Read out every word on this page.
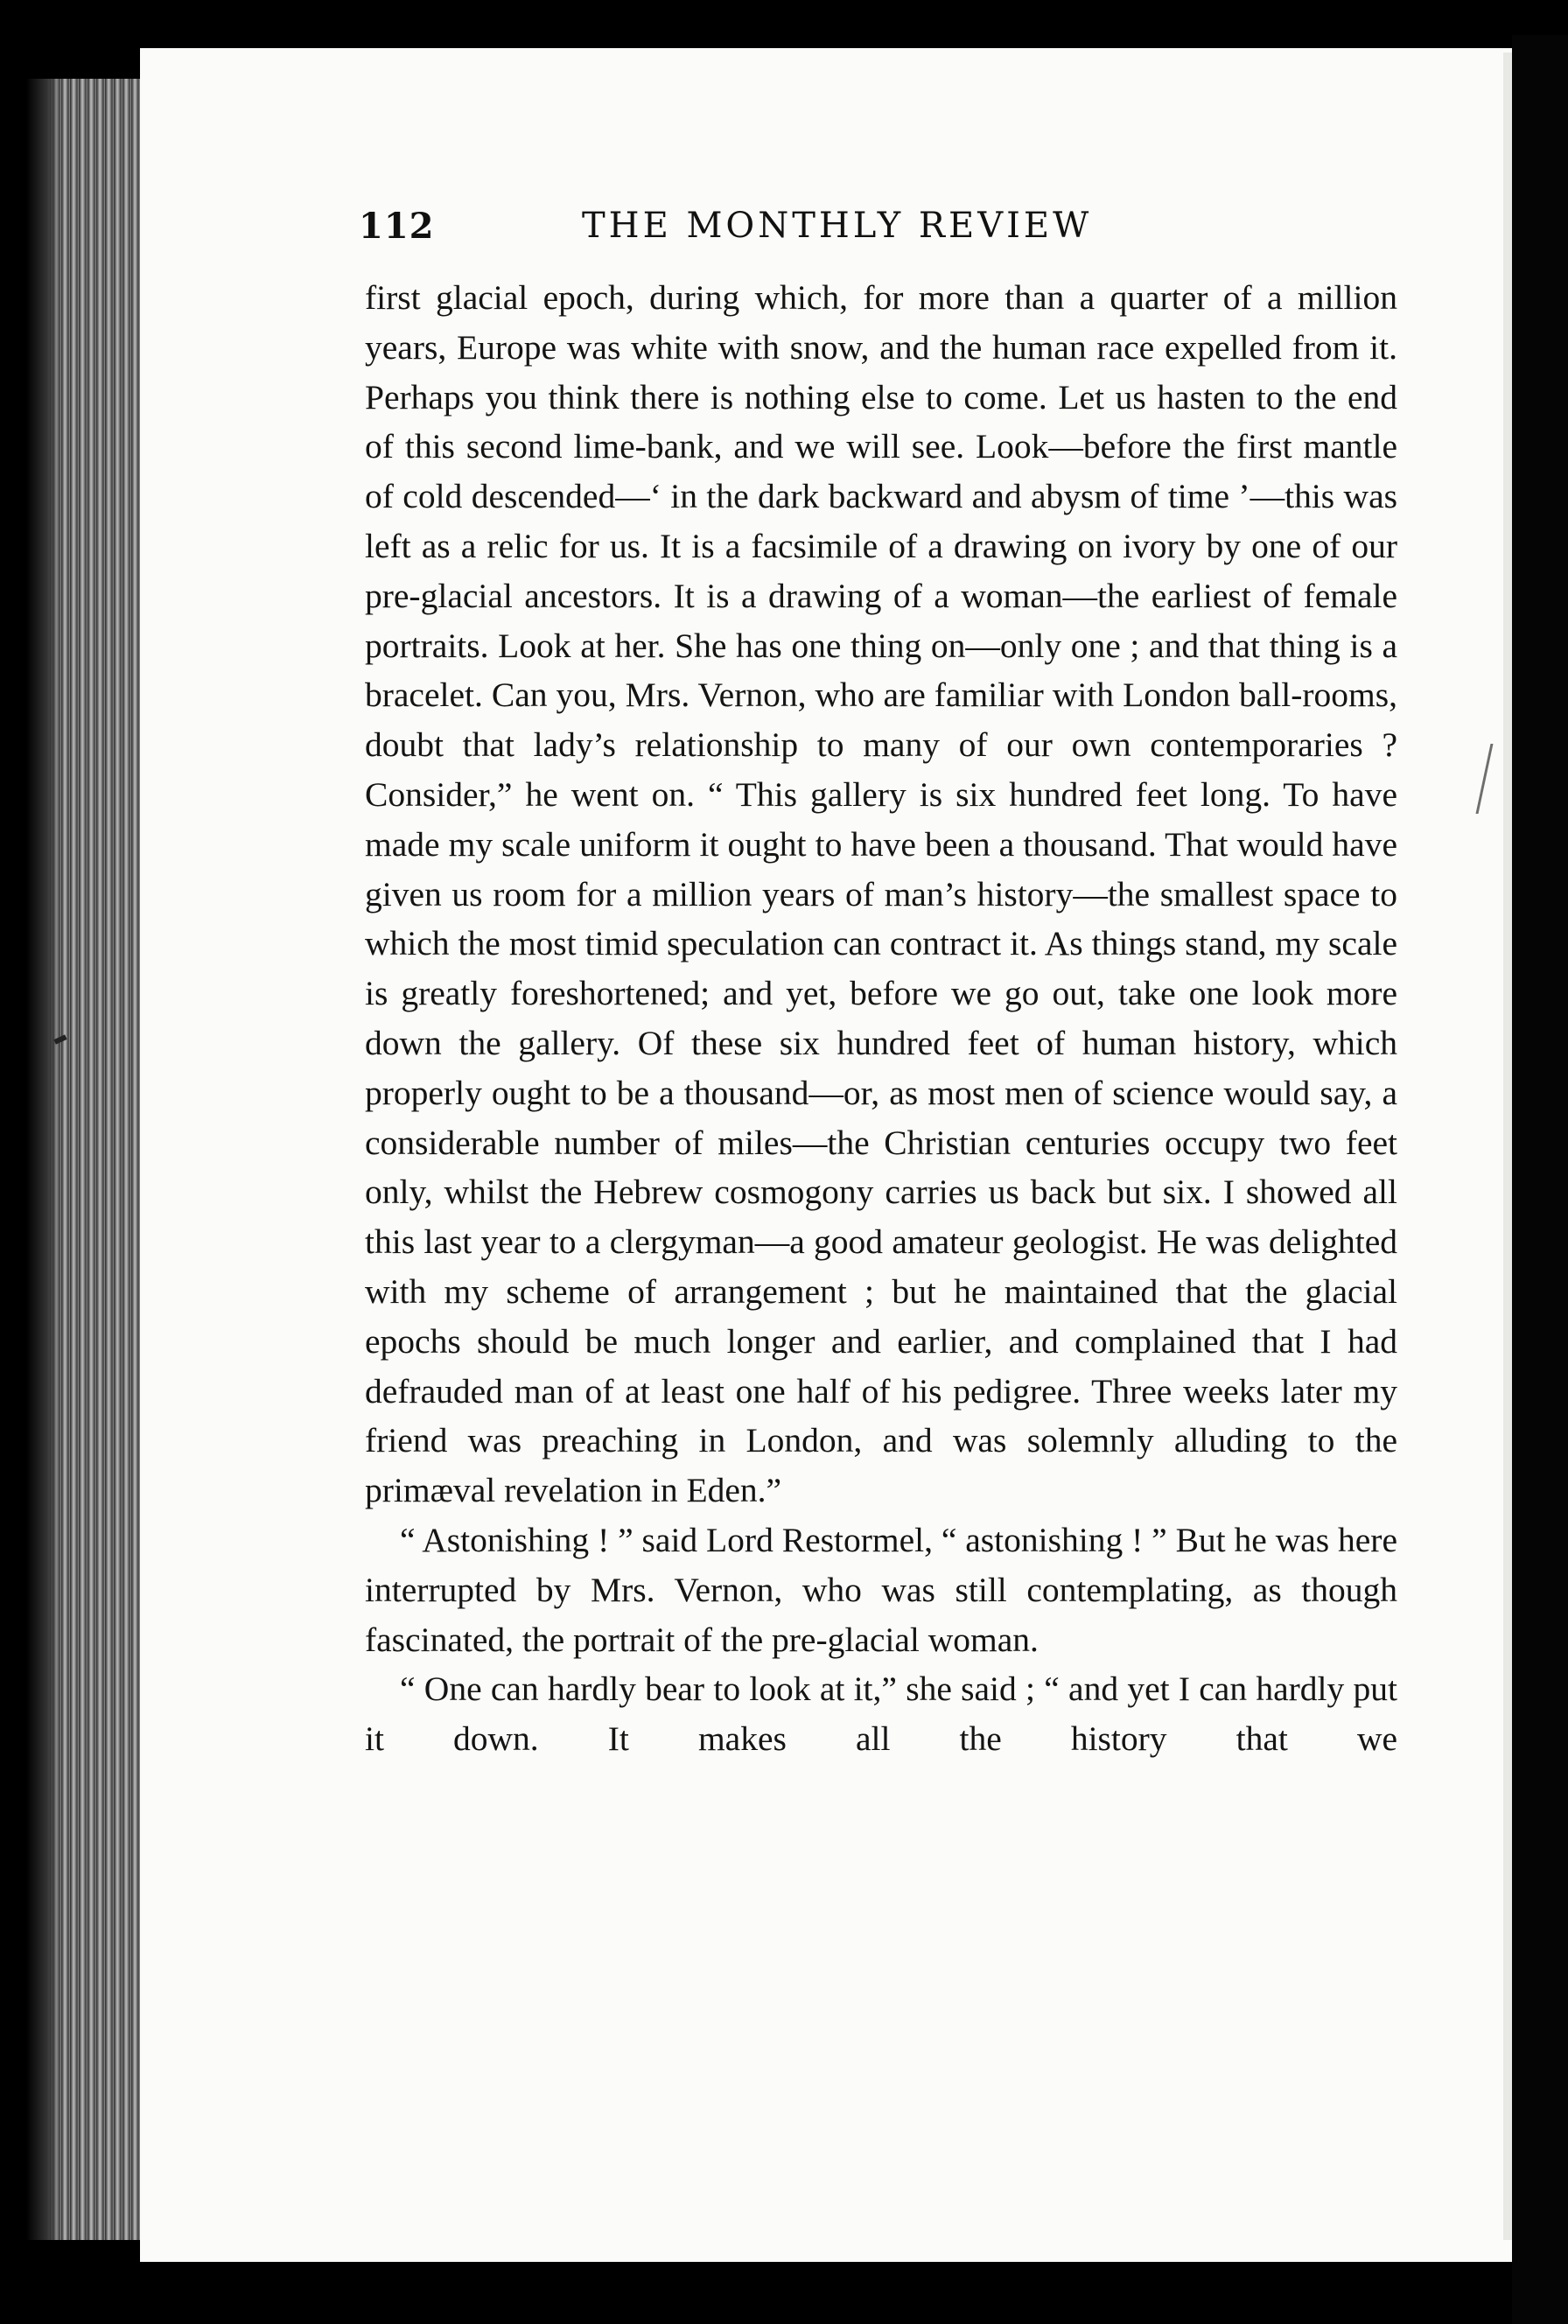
112	THE MONTHLY REVIEW

first glacial epoch, during which, for more than a quarter of a million years, Europe was white with snow, and the human race expelled from it. Perhaps you think there is nothing else to come. Let us hasten to the end of this second lime-bank, and we will see. Look—before the first mantle of cold descended—‘ in the dark backward and abysm of time ’—this was left as a relic for us. It is a facsimile of a drawing on ivory by one of our pre-glacial ancestors. It is a drawing of a woman—the earliest of female portraits. Look at her. She has one thing on—only one ; and that thing is a bracelet. Can you, Mrs. Vernon, who are familiar with London ball-rooms, doubt that lady’s relationship to many of our own contemporaries ? Consider,” he went on. “ This gallery is six hundred feet long. To have made my scale uniform it ought to have been a thousand. That would have given us room for a million years of man’s history—the smallest space to which the most timid speculation can contract it. As things stand, my scale is greatly foreshortened; and yet, before we go out, take one look more down the gallery. Of these six hundred feet of human history, which properly ought to be a thousand—or, as most men of science would say, a considerable number of miles—the Christian centuries occupy two feet only, whilst the Hebrew cosmogony carries us back but six. I showed all this last year to a clergyman—a good amateur geologist. He was delighted with my scheme of arrangement ; but he maintained that the glacial epochs should be much longer and earlier, and complained that I had defrauded man of at least one half of his pedigree. Three weeks later my friend was preaching in London, and was solemnly alluding to the primæval revelation in Eden.”

“ Astonishing ! ” said Lord Restormel, “ astonishing ! ” But he was here interrupted by Mrs. Vernon, who was still contemplating, as though fascinated, the portrait of the pre-glacial woman.

“ One can hardly bear to look at it,” she said ; “ and yet I can hardly put it down. It makes all the history that we
